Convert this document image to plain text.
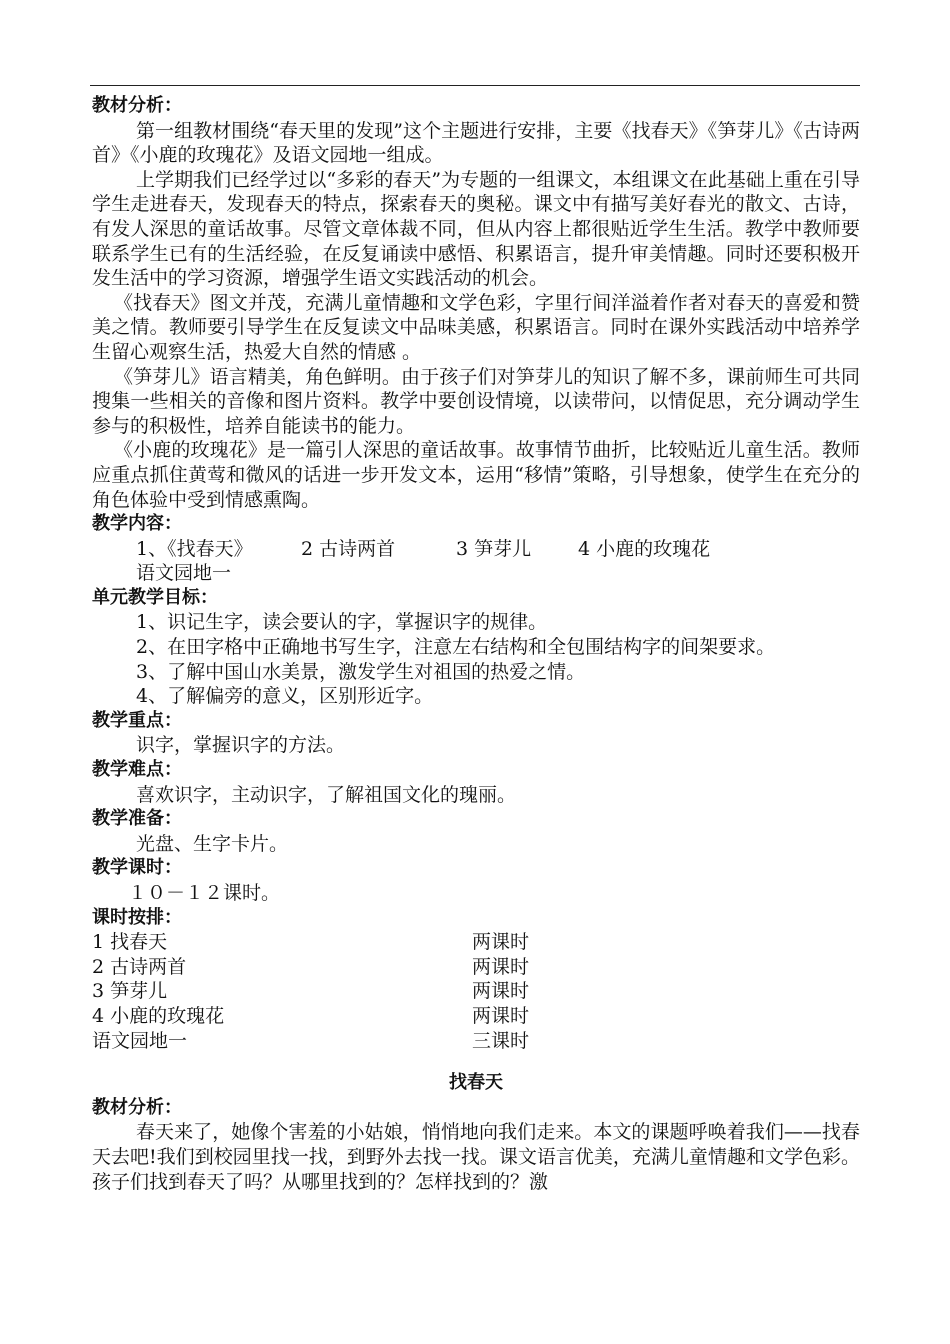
教材分析：

第一组教材围绕“春天里的发现”这个主题进行安排，主要《找春天》《笋芽儿》《古诗两首》《小鹿的玫瑰花》及语文园地一组成。

上学期我们已经学过以“多彩的春天”为专题的一组课文，本组课文在此基础上重在引导学生走进春天，发现春天的特点，探索春天的奥秘。课文中有描写美好春光的散文、古诗，有发人深思的童话故事。尽管文章体裁不同，但从内容上都很贴近学生生活。教学中教师要联系学生已有的生活经验，在反复诵读中感悟、积累语言，提升审美情趣。同时还要积极开发生活中的学习资源，增强学生语文实践活动的机会。

《找春天》图文并茂，充满儿童情趣和文学色彩，字里行间洋溢着作者对春天的喜爱和赞美之情。教师要引导学生在反复读文中品味美感，积累语言。同时在课外实践活动中培养学生留心观察生活，热爱大自然的情感 。

《笋芽儿》语言精美，角色鲜明。由于孩子们对笋芽儿的知识了解不多，课前师生可共同搜集一些相关的音像和图片资料。教学中要创设情境，以读带问，以情促思，充分调动学生参与的积极性，培养自能读书的能力。

《小鹿的玫瑰花》是一篇引人深思的童话故事。故事情节曲折，比较贴近儿童生活。教师应重点抓住黄莺和微风的话进一步开发文本，运用“移情”策略，引导想象，使学生在充分的角色体验中受到情感熏陶。

教学内容：

1、《找春天》	2 古诗两首	3 笋芽儿 4 小鹿的玫瑰花语文园地一

单元教学目标：

1、识记生字，读会要认的字，掌握识字的规律。

2、在田字格中正确地书写生字，注意左右结构和全包围结构字的间架要求。

3、了解中国山水美景，激发学生对祖国的热爱之情。

4、了解偏旁的意义，区别形近字。

教学重点：

识字，掌握识字的方法。

教学难点：

喜欢识字，主动识字，了解祖国文化的瑰丽。

教学准备：

光盘、生字卡片。

教学课时：

１０－１２课时。

课时按排：

1 找春天	两课时
2 古诗两首	两课时
3 笋芽儿	两课时
4 小鹿的玫瑰花	两课时
语文园地一	三课时

找春天

教材分析：

春天来了，她像个害羞的小姑娘，悄悄地向我们走来。本文的课题呼唤着我们——找春天去吧!我们到校园里找一找，到野外去找一找。课文语言优美，充满儿童情趣和文学色彩。孩子们找到春天了吗？从哪里找到的？怎样找到的？激
